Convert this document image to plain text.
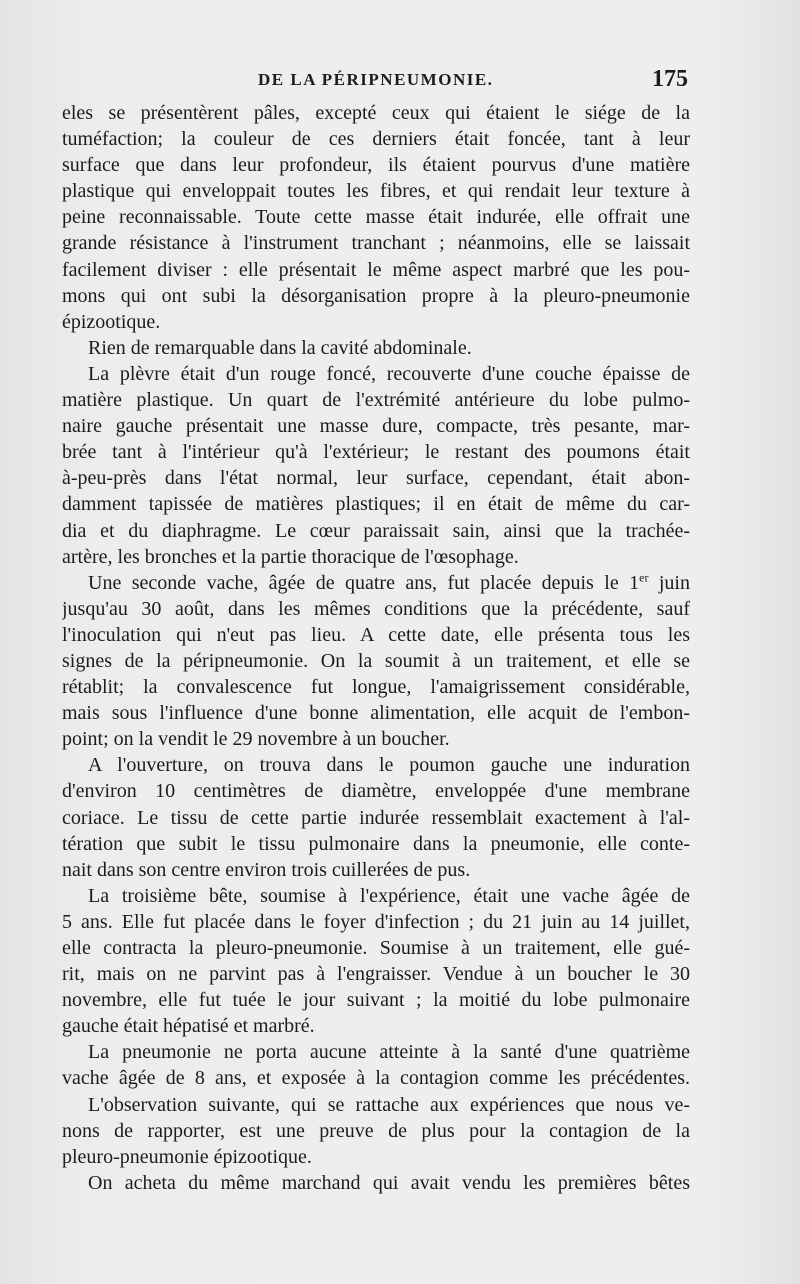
DE LA PÉRIPNEUMONIE.	175
eles se présentèrent pâles, excepté ceux qui étaient le siége de la
tuméfaction; la couleur de ces derniers était foncée, tant à leur
surface que dans leur profondeur, ils étaient pourvus d'une matière
plastique qui enveloppait toutes les fibres, et qui rendait leur texture à
peine reconnaissable. Toute cette masse était indurée, elle offrait une
grande résistance à l'instrument tranchant ; néanmoins, elle se laissait
facilement diviser : elle présentait le même aspect marbré que les pou-
mons qui ont subi la désorganisation propre à la pleuro-pneumonie
épizootique.
Rien de remarquable dans la cavité abdominale.
La plèvre était d'un rouge foncé, recouverte d'une couche épaisse de
matière plastique. Un quart de l'extrémité antérieure du lobe pulmo-
naire gauche présentait une masse dure, compacte, très pesante, mar-
brée tant à l'intérieur qu'à l'extérieur; le restant des poumons était
à-peu-près dans l'état normal, leur surface, cependant, était abon-
damment tapissée de matières plastiques; il en était de même du car-
dia et du diaphragme. Le cœur paraissait sain, ainsi que la trachée-
artère, les bronches et la partie thoracique de l'œsophage.
Une seconde vache, âgée de quatre ans, fut placée depuis le 1er juin
jusqu'au 30 août, dans les mêmes conditions que la précédente, sauf
l'inoculation qui n'eut pas lieu. A cette date, elle présenta tous les
signes de la péripneumonie. On la soumit à un traitement, et elle se
rétablit; la convalescence fut longue, l'amaigrissement considérable,
mais sous l'influence d'une bonne alimentation, elle acquit de l'embon-
point; on la vendit le 29 novembre à un boucher.
A l'ouverture, on trouva dans le poumon gauche une induration
d'environ 10 centimètres de diamètre, enveloppée d'une membrane
coriace. Le tissu de cette partie indurée ressemblait exactement à l'al-
tération que subit le tissu pulmonaire dans la pneumonie, elle conte-
nait dans son centre environ trois cuillerées de pus.
La troisième bête, soumise à l'expérience, était une vache âgée de
5 ans. Elle fut placée dans le foyer d'infection ; du 21 juin au 14 juillet,
elle contracta la pleuro-pneumonie. Soumise à un traitement, elle gué-
rit, mais on ne parvint pas à l'engraisser. Vendue à un boucher le 30
novembre, elle fut tuée le jour suivant ; la moitié du lobe pulmonaire
gauche était hépatisé et marbré.
La pneumonie ne porta aucune atteinte à la santé d'une quatrième
vache âgée de 8 ans, et exposée à la contagion comme les précédentes.
L'observation suivante, qui se rattache aux expériences que nous ve-
nons de rapporter, est une preuve de plus pour la contagion de la
pleuro-pneumonie épizootique.
On acheta du même marchand qui avait vendu les premières bêtes
